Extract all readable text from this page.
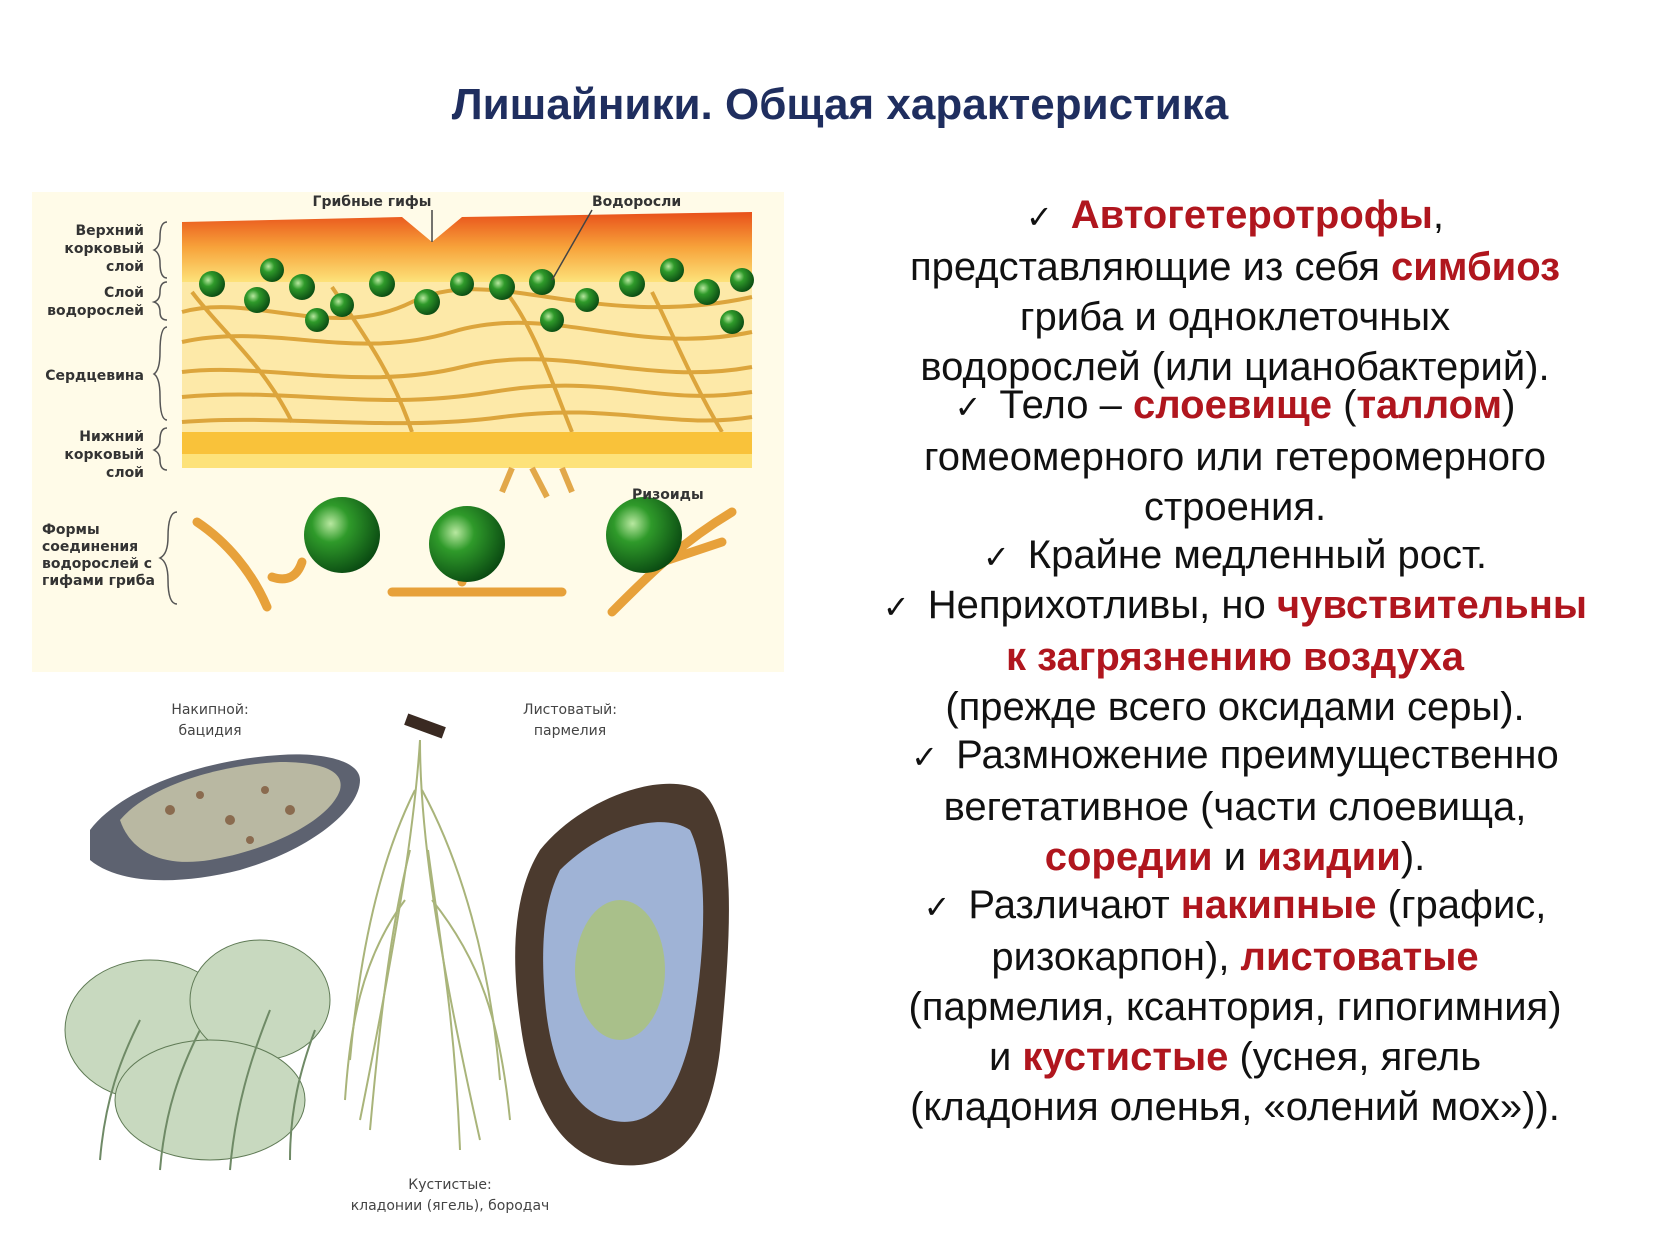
Лишайники. Общая характеристика
Верхний корковый слой
Слой водорослей
Сердцевина
Нижний корковый слой
Формы соединения водорослей с гифами гриба
Грибные гифы	Водоросли
Ризоиды
Накипной:
бацидия
Листоватый:
пармелия
Кустистые:
кладонии (ягель), бородач
✓ Автогетеротрофы,
представляющие из себя симбиоз
гриба и одноклеточных
водорослей (или цианобактерий).
✓ Тело – слоевище (таллом)
гомеомерного или гетеромерного
строения.
✓ Крайне медленный рост.
✓ Неприхотливы, но чувствительны
к загрязнению воздуха
(прежде всего оксидами серы).
✓ Размножение преимущественно
вегетативное (части слоевища,
соредии и изидии).
✓ Различают накипные (графис,
ризокарпон), листоватые
(пармелия, ксантория, гипогимния)
и кустистые (уснея, ягель
(кладония оленья, «олений мох»)).
